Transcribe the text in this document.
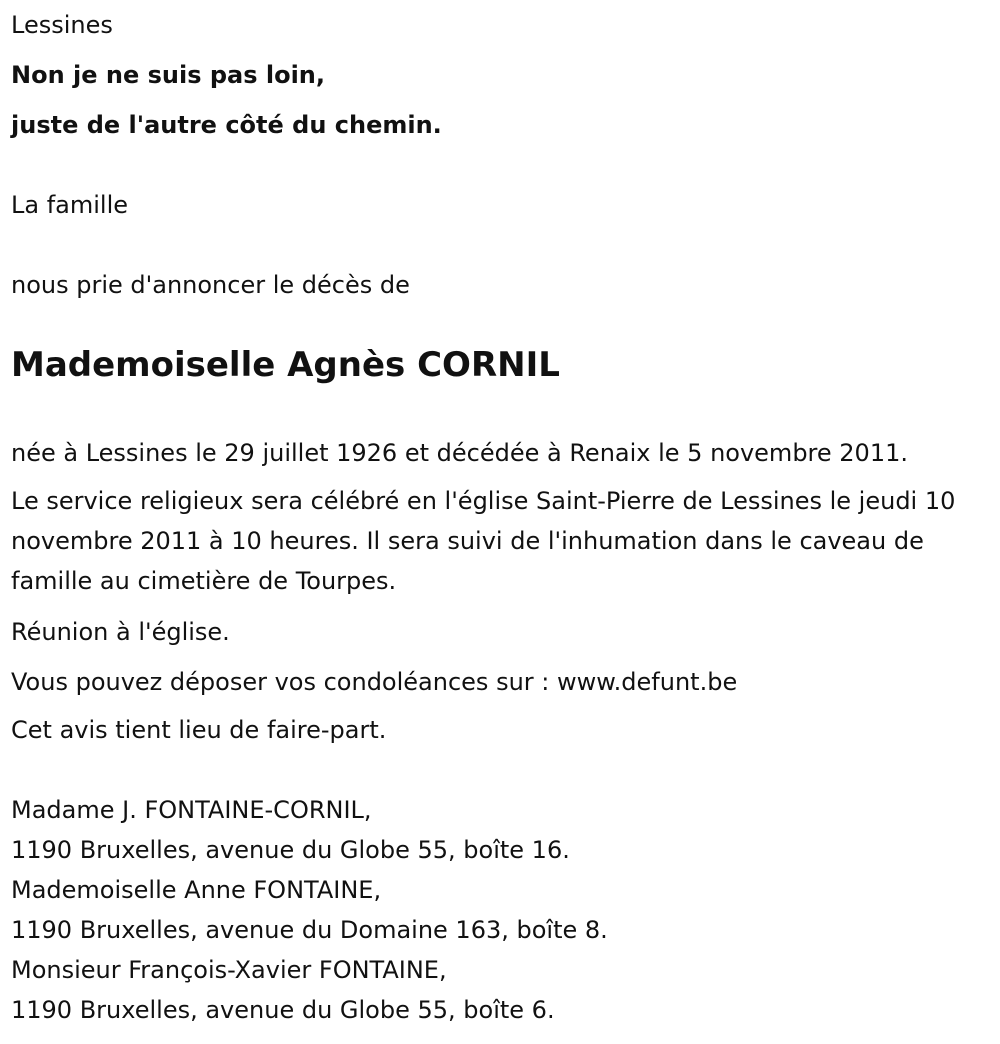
Lessines

Non je ne suis pas loin,

juste de l'autre côté du chemin.

La famille

nous prie d'annoncer le décès de

Mademoiselle Agnès CORNIL

née à Lessines le 29 juillet 1926 et décédée à Renaix le 5 novembre 2011.

Le service religieux sera célébré en l'église Saint-Pierre de Lessines le jeudi 10 novembre 2011 à 10 heures. Il sera suivi de l'inhumation dans le caveau de famille au cimetière de Tourpes.

Réunion à l'église.

Vous pouvez déposer vos condoléances sur : www.defunt.be

Cet avis tient lieu de faire-part.

Madame J. FONTAINE-CORNIL,

1190 Bruxelles, avenue du Globe 55, boîte 16.

Mademoiselle Anne FONTAINE,

1190 Bruxelles, avenue du Domaine 163, boîte 8.

Monsieur François-Xavier FONTAINE,

1190 Bruxelles, avenue du Globe 55, boîte 6.
